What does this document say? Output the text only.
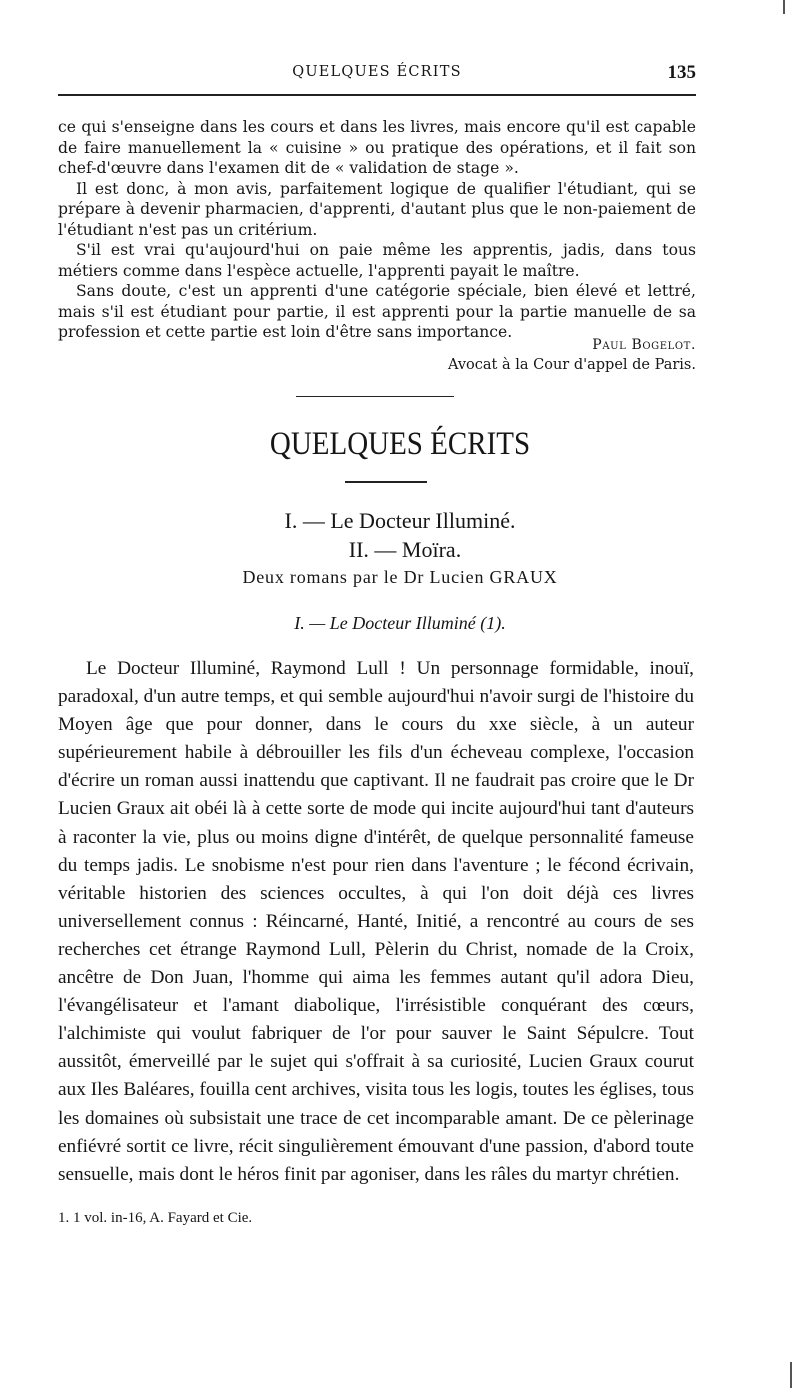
QUELQUES ÉCRITS	135

ce qui s'enseigne dans les cours et dans les livres, mais encore qu'il est capable de faire manuellement la « cuisine » ou pratique des opérations, et il fait son chef-d'œuvre dans l'examen dit de « validation de stage ».

Il est donc, à mon avis, parfaitement logique de qualifier l'étudiant, qui se prépare à devenir pharmacien, d'apprenti, d'autant plus que le non-paiement de l'étudiant n'est pas un critérium.

S'il est vrai qu'aujourd'hui on paie même les apprentis, jadis, dans tous métiers comme dans l'espèce actuelle, l'apprenti payait le maître.

Sans doute, c'est un apprenti d'une catégorie spéciale, bien élevé et lettré, mais s'il est étudiant pour partie, il est apprenti pour la partie manuelle de sa profession et cette partie est loin d'être sans importance.

Paul Bogelot.
Avocat à la Cour d'appel de Paris.
QUELQUES ÉCRITS
I. — Le Docteur Illuminé.
II. — Moïra.
Deux romans par le Dr Lucien GRAUX
I. — Le Docteur Illuminé (1).

Le Docteur Illuminé, Raymond Lull ! Un personnage formidable, inouï, paradoxal, d'un autre temps, et qui semble aujourd'hui n'avoir surgi de l'histoire du Moyen âge que pour donner, dans le cours du xxe siècle, à un auteur supérieurement habile à débrouiller les fils d'un écheveau complexe, l'occasion d'écrire un roman aussi inattendu que captivant. Il ne faudrait pas croire que le Dr Lucien Graux ait obéi là à cette sorte de mode qui incite aujourd'hui tant d'auteurs à raconter la vie, plus ou moins digne d'intérêt, de quelque personnalité fameuse du temps jadis. Le snobisme n'est pour rien dans l'aventure ; le fécond écrivain, véritable historien des sciences occultes, à qui l'on doit déjà ces livres universellement connus : Réincarné, Hanté, Initié, a rencontré au cours de ses recherches cet étrange Raymond Lull, Pèlerin du Christ, nomade de la Croix, ancêtre de Don Juan, l'homme qui aima les femmes autant qu'il adora Dieu, l'évangélisateur et l'amant diabolique, l'irrésistible conquérant des cœurs, l'alchimiste qui voulut fabriquer de l'or pour sauver le Saint Sépulcre. Tout aussitôt, émerveillé par le sujet qui s'offrait à sa curiosité, Lucien Graux courut aux Iles Baléares, fouilla cent archives, visita tous les logis, toutes les églises, tous les domaines où subsistait une trace de cet incomparable amant. De ce pèlerinage enfiévré sortit ce livre, récit singulièrement émouvant d'une passion, d'abord toute sensuelle, mais dont le héros finit par agoniser, dans les râles du martyr chrétien.

1. 1 vol. in-16, A. Fayard et Cie.
